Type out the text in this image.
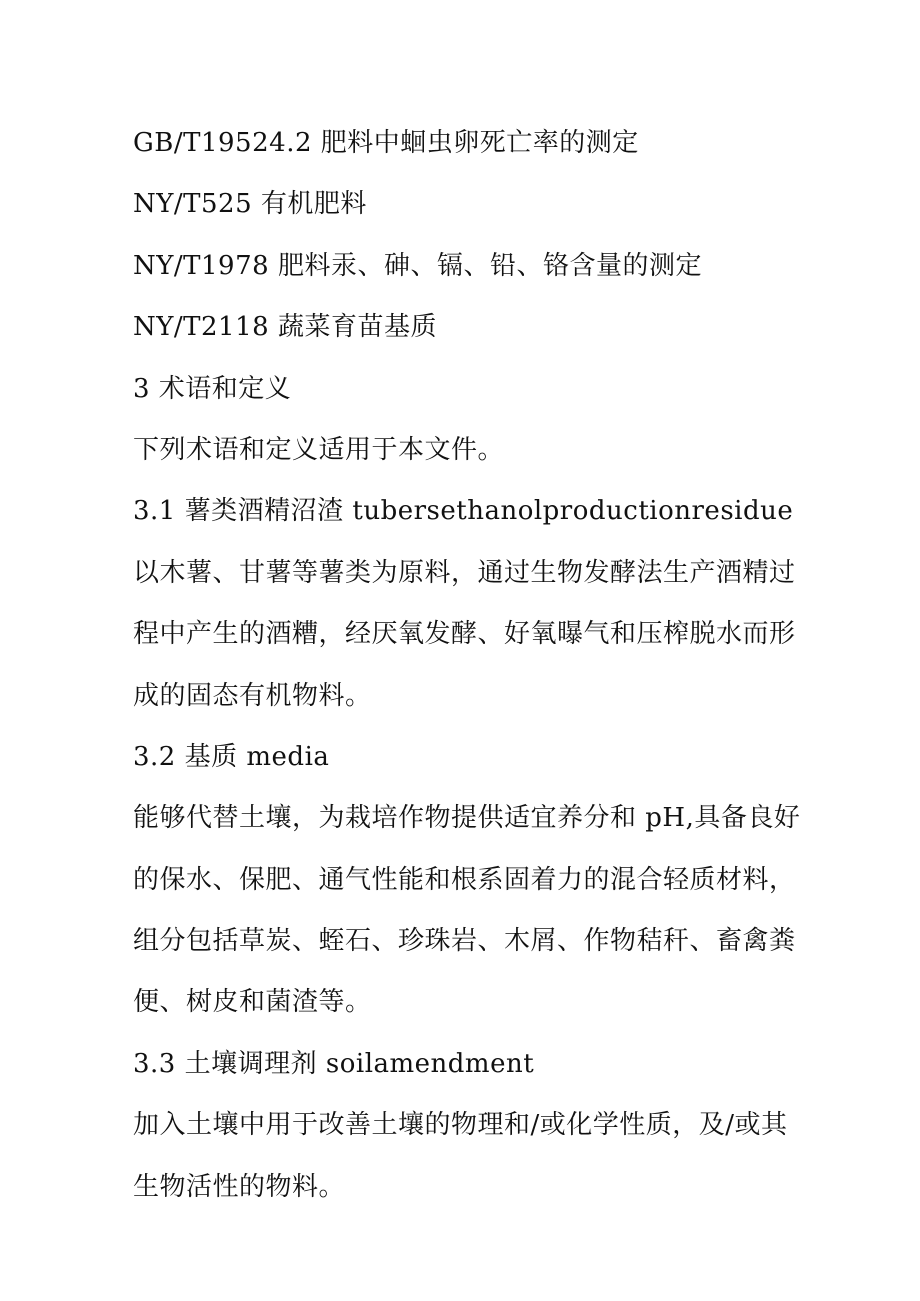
GB/T19524.2 肥料中蛔虫卵死亡率的测定
NY/T525 有机肥料
NY/T1978 肥料汞、砷、镉、铅、铬含量的测定
NY/T2118 蔬菜育苗基质
3 术语和定义
下列术语和定义适用于本文件。
3.1 薯类酒精沼渣 tubersethanolproductionresidue
以木薯、甘薯等薯类为原料，通过生物发酵法生产酒精过
程中产生的酒糟，经厌氧发酵、好氧曝气和压榨脱水而形
成的固态有机物料。
3.2 基质 media
能够代替土壤，为栽培作物提供适宜养分和 pH,具备良好
的保水、保肥、通气性能和根系固着力的混合轻质材料，
组分包括草炭、蛭石、珍珠岩、木屑、作物秸秆、畜禽粪
便、树皮和菌渣等。
3.3 土壤调理剂 soilamendment
加入土壤中用于改善土壤的物理和/或化学性质，及/或其
生物活性的物料。
